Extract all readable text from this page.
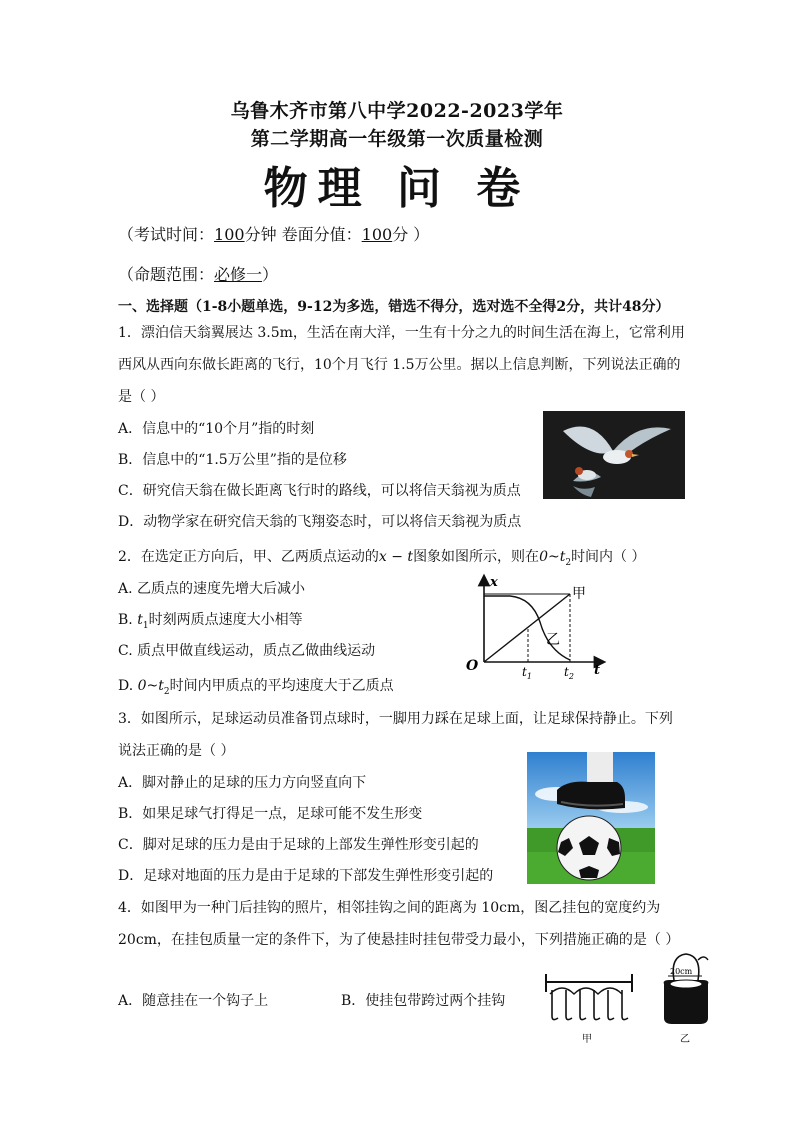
乌鲁木齐市第八中学2022-2023学年
第二学期高一年级第一次质量检测
物理 问 卷
（考试时间：100分钟 卷面分值：100分 ）
（命题范围：必修一）
一、选择题（1-8小题单选，9-12为多选，错选不得分，选对选不全得2分，共计48分）
1．漂泊信天翁翼展达 3.5m，生活在南大洋，一生有十分之九的时间生活在海上，它常利用
西风从西向东做长距离的飞行，10个月飞行 1.5万公里。据以上信息判断，下列说法正确的
是（ ）
A．信息中的“10个月”指的时刻
B．信息中的“1.5万公里”指的是位移
C．研究信天翁在做长距离飞行时的路线，可以将信天翁视为质点
D．动物学家在研究信天翁的飞翔姿态时，可以将信天翁视为质点
2．在选定正方向后，甲、乙两质点运动的x − t图象如图所示，则在$0\sim t_2$时间内（ ）
A. 乙质点的速度先增大后减小
B. $t_1$时刻两质点速度大小相等
C. 质点甲做直线运动，质点乙做曲线运动
D. $0\sim t_2$时间内甲质点的平均速度大于乙质点
x
t
O
甲
乙
$t_1$	$t_2$
3．如图所示，足球运动员准备罚点球时，一脚用力踩在足球上面，让足球保持静止。下列
说法正确的是（ ）
A．脚对静止的足球的压力方向竖直向下
B．如果足球气打得足一点，足球可能不发生形变
C．脚对足球的压力是由于足球的上部发生弹性形变引起的
D．足球对地面的压力是由于足球的下部发生弹性形变引起的
4．如图甲为一种门后挂钩的照片，相邻挂钩之间的距离为 10cm，图乙挂包的宽度约为
20cm，在挂包质量一定的条件下，为了使悬挂时挂包带受力最小，下列措施正确的是（ ）
A．随意挂在一个钩子上	B．使挂包带跨过两个挂钩
甲
20cm
乙
